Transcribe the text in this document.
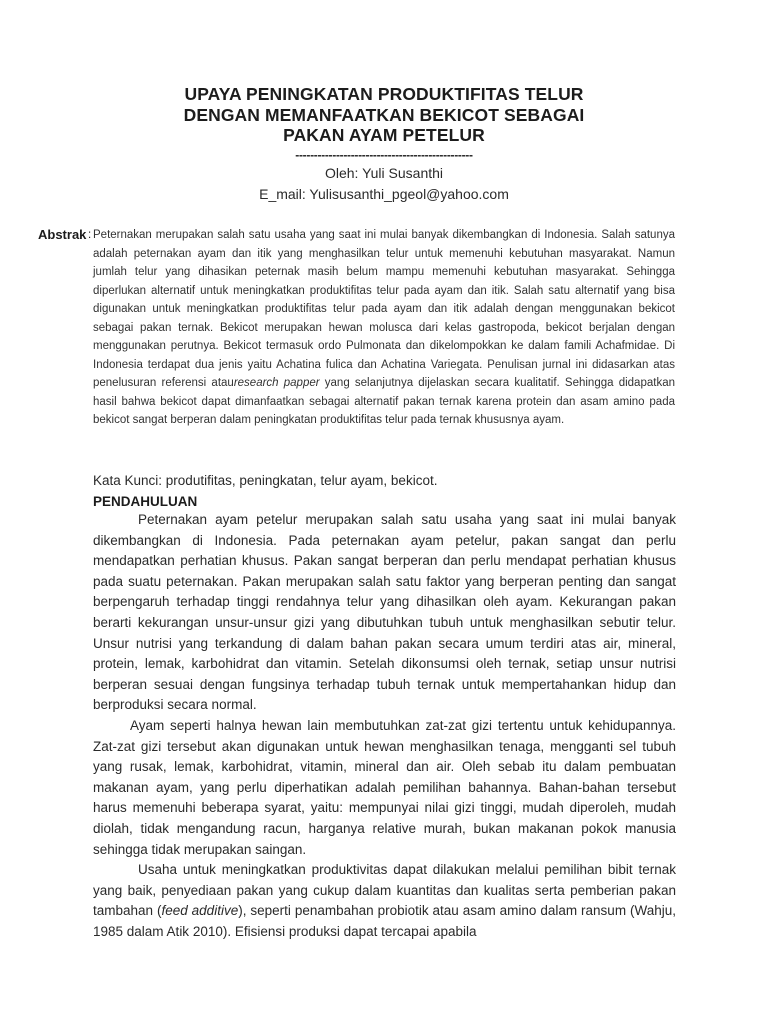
UPAYA PENINGKATAN PRODUKTIFITAS TELUR
DENGAN MEMANFAATKAN BEKICOT SEBAGAI
PAKAN AYAM PETELUR
------------------------------------------------
Oleh: Yuli Susanthi
E_mail: Yulisusanthi_pgeol@yahoo.com
Abstrak : Peternakan merupakan salah satu usaha yang saat ini mulai banyak dikembangkan di Indonesia. Salah satunya adalah peternakan ayam dan itik yang menghasilkan telur untuk memenuhi kebutuhan masyarakat. Namun jumlah telur yang dihasikan peternak masih belum mampu memenuhi kebutuhan masyarakat. Sehingga diperlukan alternatif untuk meningkatkan produktifitas telur pada ayam dan itik. Salah satu alternatif yang bisa digunakan untuk meningkatkan produktifitas telur pada ayam dan itik adalah dengan menggunakan bekicot sebagai pakan ternak. Bekicot merupakan hewan molusca dari kelas gastropoda, bekicot berjalan dengan menggunakan perutnya. Bekicot termasuk ordo Pulmonata dan dikelompokkan ke dalam famili Achafmidae. Di Indonesia terdapat dua jenis yaitu Achatina fulica dan Achatina Variegata. Penulisan jurnal ini didasarkan atas penelusuran referensi atauresearch papper yang selanjutnya dijelaskan secara kualitatif. Sehingga didapatkan hasil bahwa bekicot dapat dimanfaatkan sebagai alternatif pakan ternak karena protein dan asam amino pada bekicot sangat berperan dalam peningkatan produktifitas telur pada ternak khususnya ayam.
Kata Kunci: produtifitas, peningkatan, telur ayam, bekicot.
PENDAHULUAN

Peternakan ayam petelur merupakan salah satu usaha yang saat ini mulai banyak dikembangkan di Indonesia. Pada peternakan ayam petelur, pakan sangat dan perlu mendapatkan perhatian khusus. Pakan sangat berperan dan perlu mendapat perhatian khusus pada suatu peternakan. Pakan merupakan salah satu faktor yang berperan penting dan sangat berpengaruh terhadap tinggi rendahnya telur yang dihasilkan oleh ayam. Kekurangan pakan berarti kekurangan unsur-unsur gizi yang dibutuhkan tubuh untuk menghasilkan sebutir telur. Unsur nutrisi yang terkandung di dalam bahan pakan secara umum terdiri atas air, mineral, protein, lemak, karbohidrat dan vitamin. Setelah dikonsumsi oleh ternak, setiap unsur nutrisi berperan sesuai dengan fungsinya terhadap tubuh ternak untuk mempertahankan hidup dan berproduksi secara normal.

Ayam seperti halnya hewan lain membutuhkan zat-zat gizi tertentu untuk kehidupannya. Zat-zat gizi tersebut akan digunakan untuk hewan menghasilkan tenaga, mengganti sel tubuh yang rusak, lemak, karbohidrat, vitamin, mineral dan air. Oleh sebab itu dalam pembuatan makanan ayam, yang perlu diperhatikan adalah pemilihan bahannya. Bahan-bahan tersebut harus memenuhi beberapa syarat, yaitu: mempunyai nilai gizi tinggi, mudah diperoleh, mudah diolah, tidak mengandung racun, harganya relative murah, bukan makanan pokok manusia sehingga tidak merupakan saingan.

Usaha untuk meningkatkan produktivitas dapat dilakukan melalui pemilihan bibit ternak yang baik, penyediaan pakan yang cukup dalam kuantitas dan kualitas serta pemberian pakan tambahan (feed additive), seperti penambahan probiotik atau asam amino dalam ransum (Wahju, 1985 dalam Atik 2010). Efisiensi produksi dapat tercapai apabila
